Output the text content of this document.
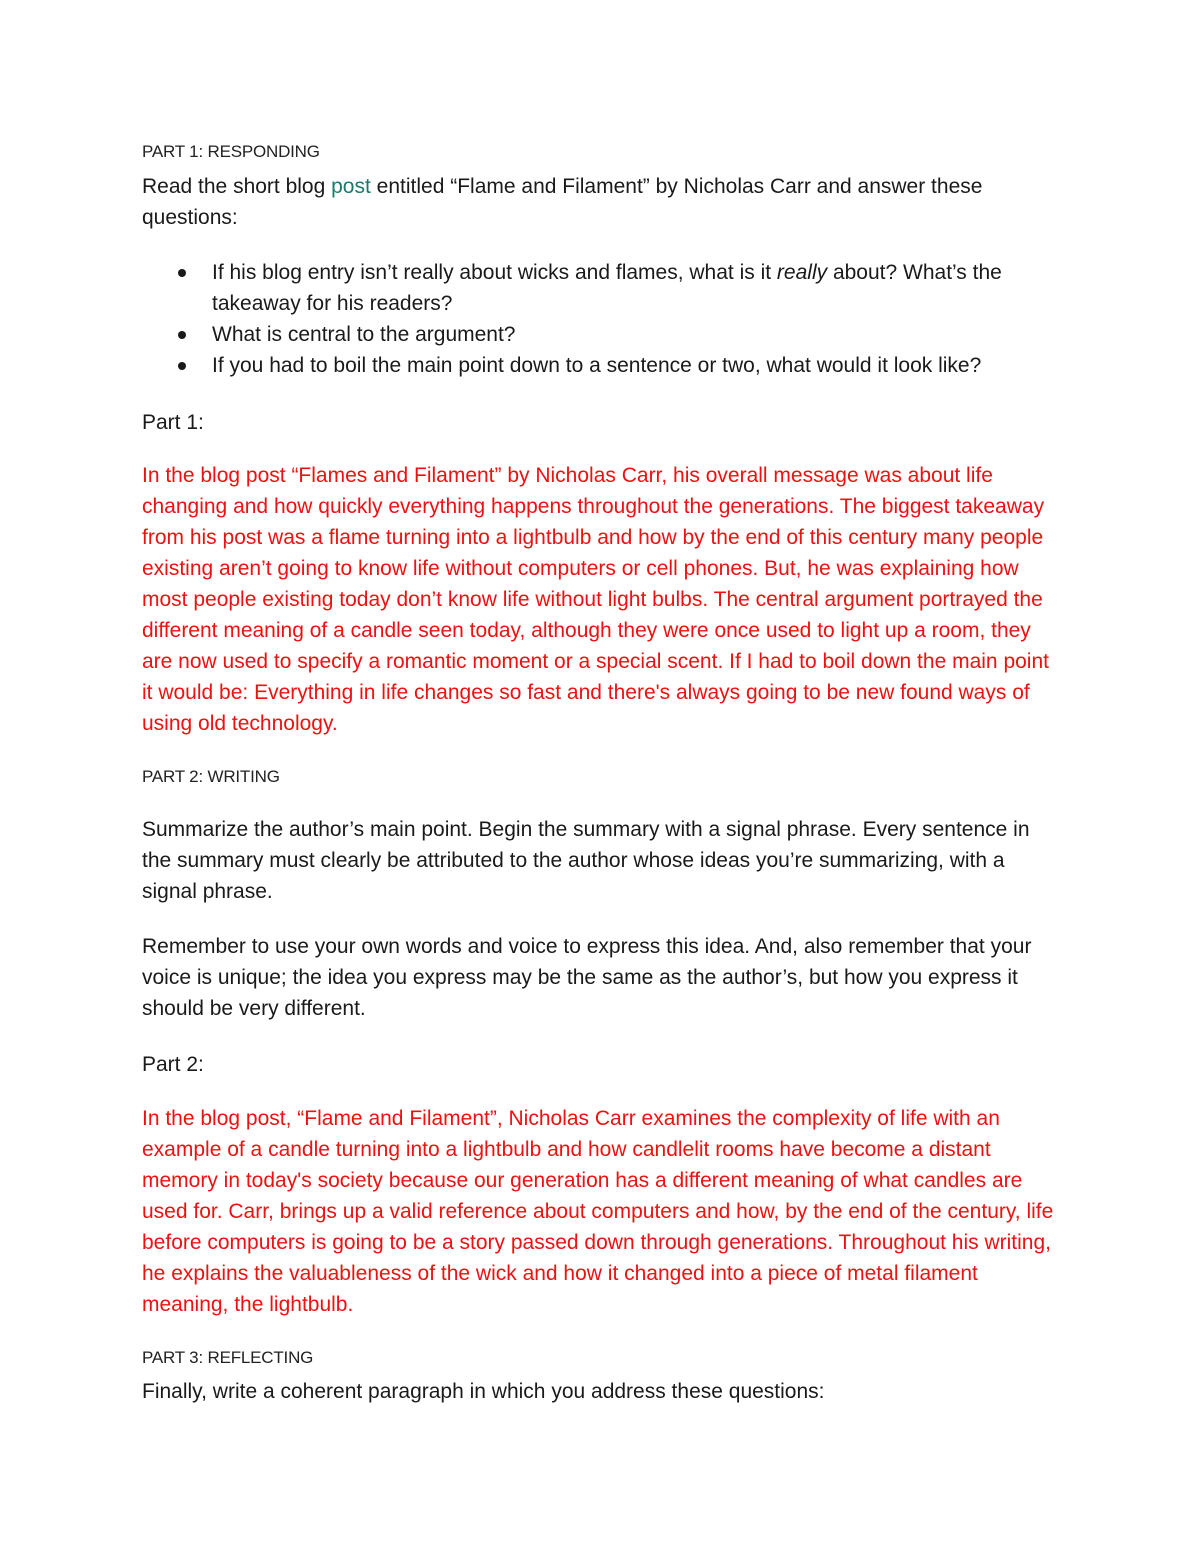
PART 1: RESPONDING
Read the short blog post entitled “Flame and Filament” by Nicholas Carr and answer these questions:
If his blog entry isn’t really about wicks and flames, what is it really about? What’s the takeaway for his readers?
What is central to the argument?
If you had to boil the main point down to a sentence or two, what would it look like?
Part 1:
In the blog post “Flames and Filament” by Nicholas Carr, his overall message was about life changing and how quickly everything happens throughout the generations. The biggest takeaway from his post was a flame turning into a lightbulb and how by the end of this century many people existing aren’t going to know life without computers or cell phones. But, he was explaining how most people existing today don’t know life without light bulbs. The central argument portrayed the different meaning of a candle seen today, although they were once used to light up a room, they are now used to specify a romantic moment or a special scent. If I had to boil down the main point it would be: Everything in life changes so fast and there's always going to be new found ways of using old technology.
PART 2: WRITING
Summarize the author’s main point. Begin the summary with a signal phrase. Every sentence in the summary must clearly be attributed to the author whose ideas you’re summarizing, with a signal phrase.
Remember to use your own words and voice to express this idea. And, also remember that your voice is unique; the idea you express may be the same as the author’s, but how you express it should be very different.
Part 2:
In the blog post, “Flame and Filament”, Nicholas Carr examines the complexity of life with an example of a candle turning into a lightbulb and how candlelit rooms have become a distant memory in today's society because our generation has a different meaning of what candles are used for. Carr, brings up a valid reference about computers and how, by the end of the century, life before computers is going to be a story passed down through generations. Throughout his writing, he explains the valuableness of the wick and how it changed into a piece of metal filament meaning, the lightbulb.
PART 3: REFLECTING
Finally, write a coherent paragraph in which you address these questions:
